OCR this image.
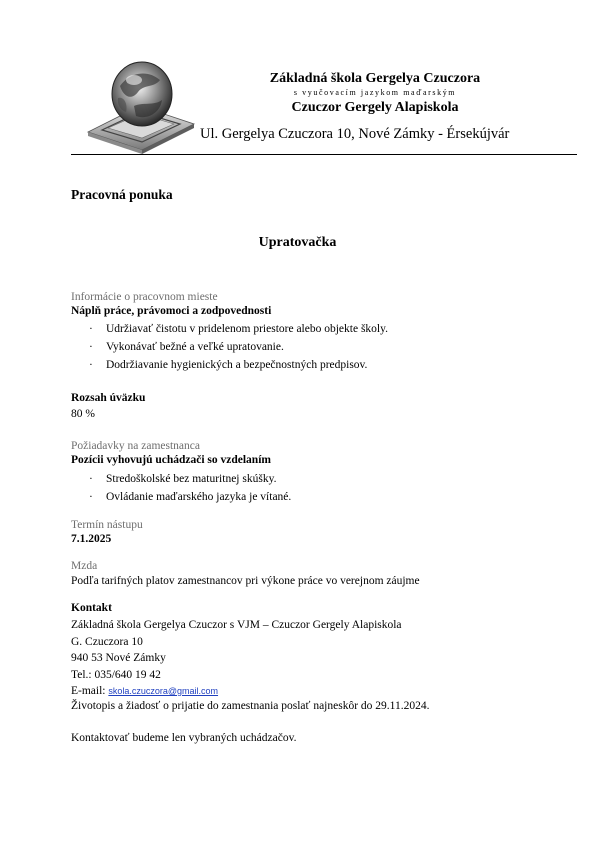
Základná škola Gergelya Czuczora
s vyučovacím jazykom maďarským
Czuczor Gergely Alapiskola
Ul. Gergelya Czuczora 10, Nové Zámky - Érsekújvár
Pracovná ponuka
Upratovačka
Informácie o pracovnom mieste
Náplň práce, právomoci a zodpovednosti
· Udržiavať čistotu v pridelenom priestore alebo objekte školy.
· Vykonávať bežné a veľké upratovanie.
· Dodržiavanie hygienických a bezpečnostných predpisov.
Rozsah úväzku
80 %
Požiadavky na zamestnanca
Pozícii vyhovujú uchádzači so vzdelaním
· Stredoškolské bez maturitnej skúšky.
· Ovládanie maďarského jazyka je vítané.
Termín nástupu
7.1.2025
Mzda
Podľa tarifných platov zamestnancov pri výkone práce vo verejnom záujme
Kontakt
Základná škola Gergelya Czuczor s VJM – Czuczor Gergely Alapiskola
G. Czuczora 10
940 53 Nové Zámky
Tel.: 035/640 19 42
E-mail: skola.czuczora@gmail.com
Životopis a žiadosť o prijatie do zamestnania poslať najneskôr do 29.11.2024.
Kontaktovať budeme len vybraných uchádzačov.
